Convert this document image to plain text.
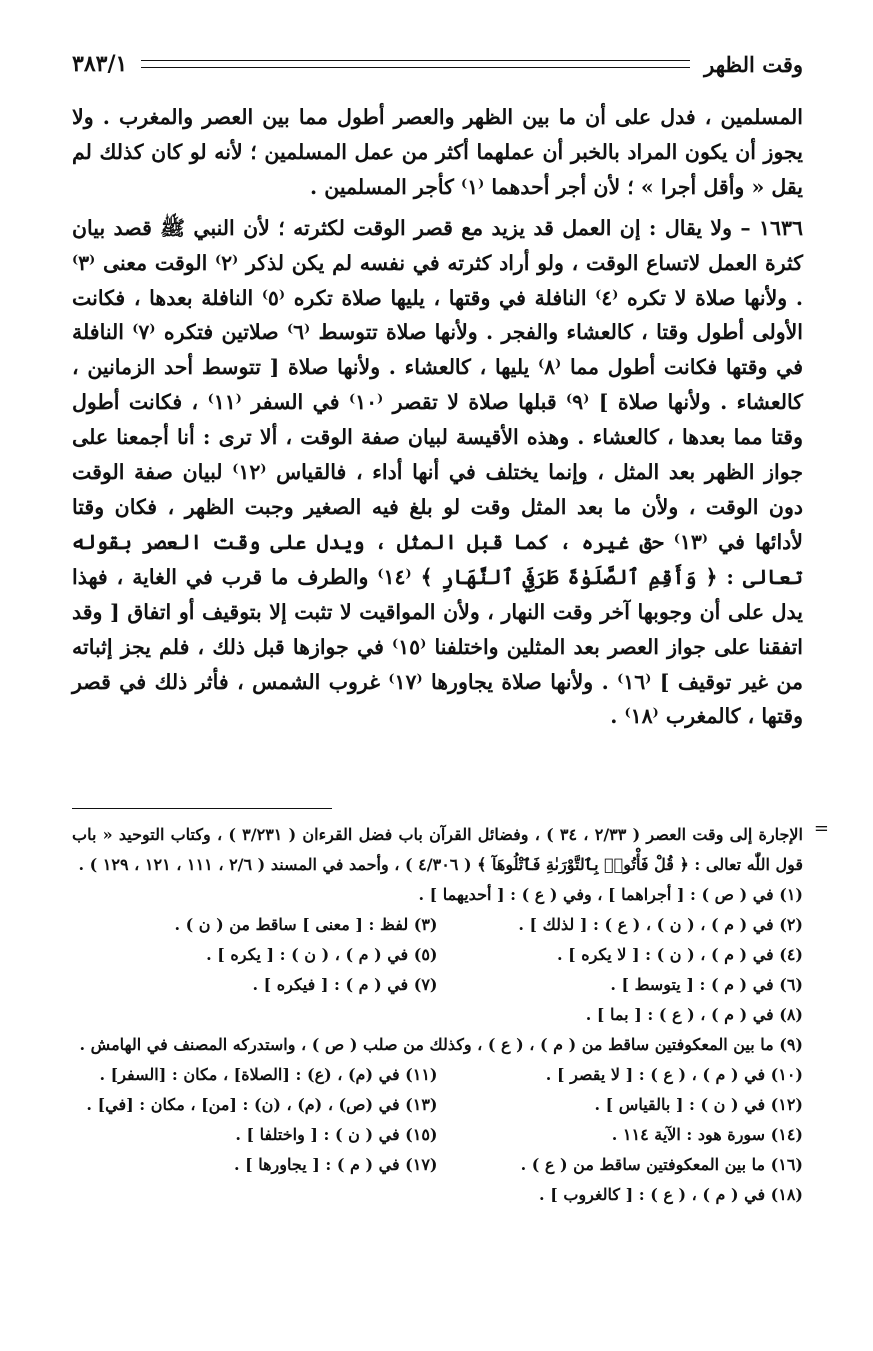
وقت الظهر
٣٨٣/١

المسلمين ، فدل على أن ما بين الظهر والعصر أطول مما بين العصر والمغرب . ولا يجوز أن يكون المراد بالخبر أن عملهما أكثر من عمل المسلمين ؛ لأنه لو كان كذلك لم يقل « وأقل أجرا » ؛ لأن أجر أحدهما ⁽١⁾ كأجر المسلمين .

١٦٣٦ – ولا يقال : إن العمل قد يزيد مع قصر الوقت لكثرته ؛ لأن النبي ﷺ قصد بيان كثرة العمل لاتساع الوقت ، ولو أراد كثرته في نفسه لم يكن لذكر ⁽٢⁾ الوقت معنى ⁽٣⁾ . ولأنها صلاة لا تكره ⁽٤⁾ النافلة في وقتها ، يليها صلاة تكره ⁽٥⁾ النافلة بعدها ، فكانت الأولى أطول وقتا ، كالعشاء والفجر . ولأنها صلاة تتوسط ⁽٦⁾ صلاتين فتكره ⁽٧⁾ النافلة في وقتها فكانت أطول مما ⁽٨⁾ يليها ، كالعشاء . ولأنها صلاة [ تتوسط أحد الزمانين ، كالعشاء . ولأنها صلاة ] ⁽٩⁾ قبلها صلاة لا تقصر ⁽١٠⁾ في السفر ⁽١١⁾ ، فكانت أطول وقتا مما بعدها ، كالعشاء . وهذه الأقيسة لبيان صفة الوقت ، ألا ترى : أنا أجمعنا على جواز الظهر بعد المثل ، وإنما يختلف في أنها أداء ، فالقياس ⁽١٢⁾ لبيان صفة الوقت دون الوقت ، ولأن ما بعد المثل وقت لو بلغ فيه الصغير وجبت الظهر ، فكان وقتا لأدائها في ⁽١٣⁾ حق غيره ، كما قبل المثل ، ويدل على وقت العصر بقوله تعالى : ﴿ وَأَقِمِ ٱلصَّلَوٰةَ طَرَفَيِ ٱلنَّهَارِ ﴾ ⁽١٤⁾ والطرف ما قرب في الغاية ، فهذا يدل على أن وجوبها آخر وقت النهار ، ولأن المواقيت لا تثبت إلا بتوقيف أو اتفاق [ وقد اتفقنا على جواز العصر بعد المثلين واختلفنا ⁽١٥⁾ في جوازها قبل ذلك ، فلم يجز إثباته من غير توقيف ] ⁽١٦⁾ . ولأنها صلاة يجاورها ⁽١٧⁾ غروب الشمس ، فأثر ذلك في قصر وقتها ، كالمغرب ⁽١٨⁾ .

=
الإجارة إلى وقت العصر ( ٢/٣٣ ، ٣٤ ) ، وفضائل القرآن باب فضل القرءان ( ٣/٢٣١ ) ، وكتاب التوحيد « باب قول اللّٰه تعالى : ﴿ قُلْ فَأْتُوا۟ بِٱلتَّوْرَىٰةِ فَٱتْلُوهَآ ﴾ ( ٤/٣٠٦ ) ، وأحمد في المسند ( ٢/٦ ، ١١١ ، ١٢١ ، ١٢٩ ) .
(١) في ( ص ) : [ أجراهما ] ، وفي ( ع ) : [ أحديهما ] .
(٢) في ( م ) ، ( ن ) ، ( ع ) : [ لذلك ] .
(٣) لفظ : [ معنى ] ساقط من ( ن ) .
(٤) في ( م ) ، ( ن ) : [ لا يكره ] .
(٥) في ( م ) ، ( ن ) : [ يكره ] .
(٦) في ( م ) : [ يتوسط ] .
(٧) في ( م ) : [ فيكره ] .
(٨) في ( م ) ، ( ع ) : [ بما ] .
(٩) ما بين المعكوفتين ساقط من ( م ) ، ( ع ) ، وكذلك من صلب ( ص ) ، واستدركه المصنف في الهامش .
(١٠) في ( م ) ، ( ع ) : [ لا يقصر ] .
(١١) في (م) ، (ع) : [الصلاة] ، مكان : [السفر] .
(١٢) في ( ن ) : [ بالقياس ] .
(١٣) في (ص) ، (م) ، (ن) : [من] ، مكان : [في] .
(١٤) سورة هود : الآية ١١٤ .
(١٥) في ( ن ) : [ واختلفا ] .
(١٦) ما بين المعكوفتين ساقط من ( ع ) .
(١٧) في ( م ) : [ يجاورها ] .
(١٨) في ( م ) ، ( ع ) : [ كالغروب ] .
